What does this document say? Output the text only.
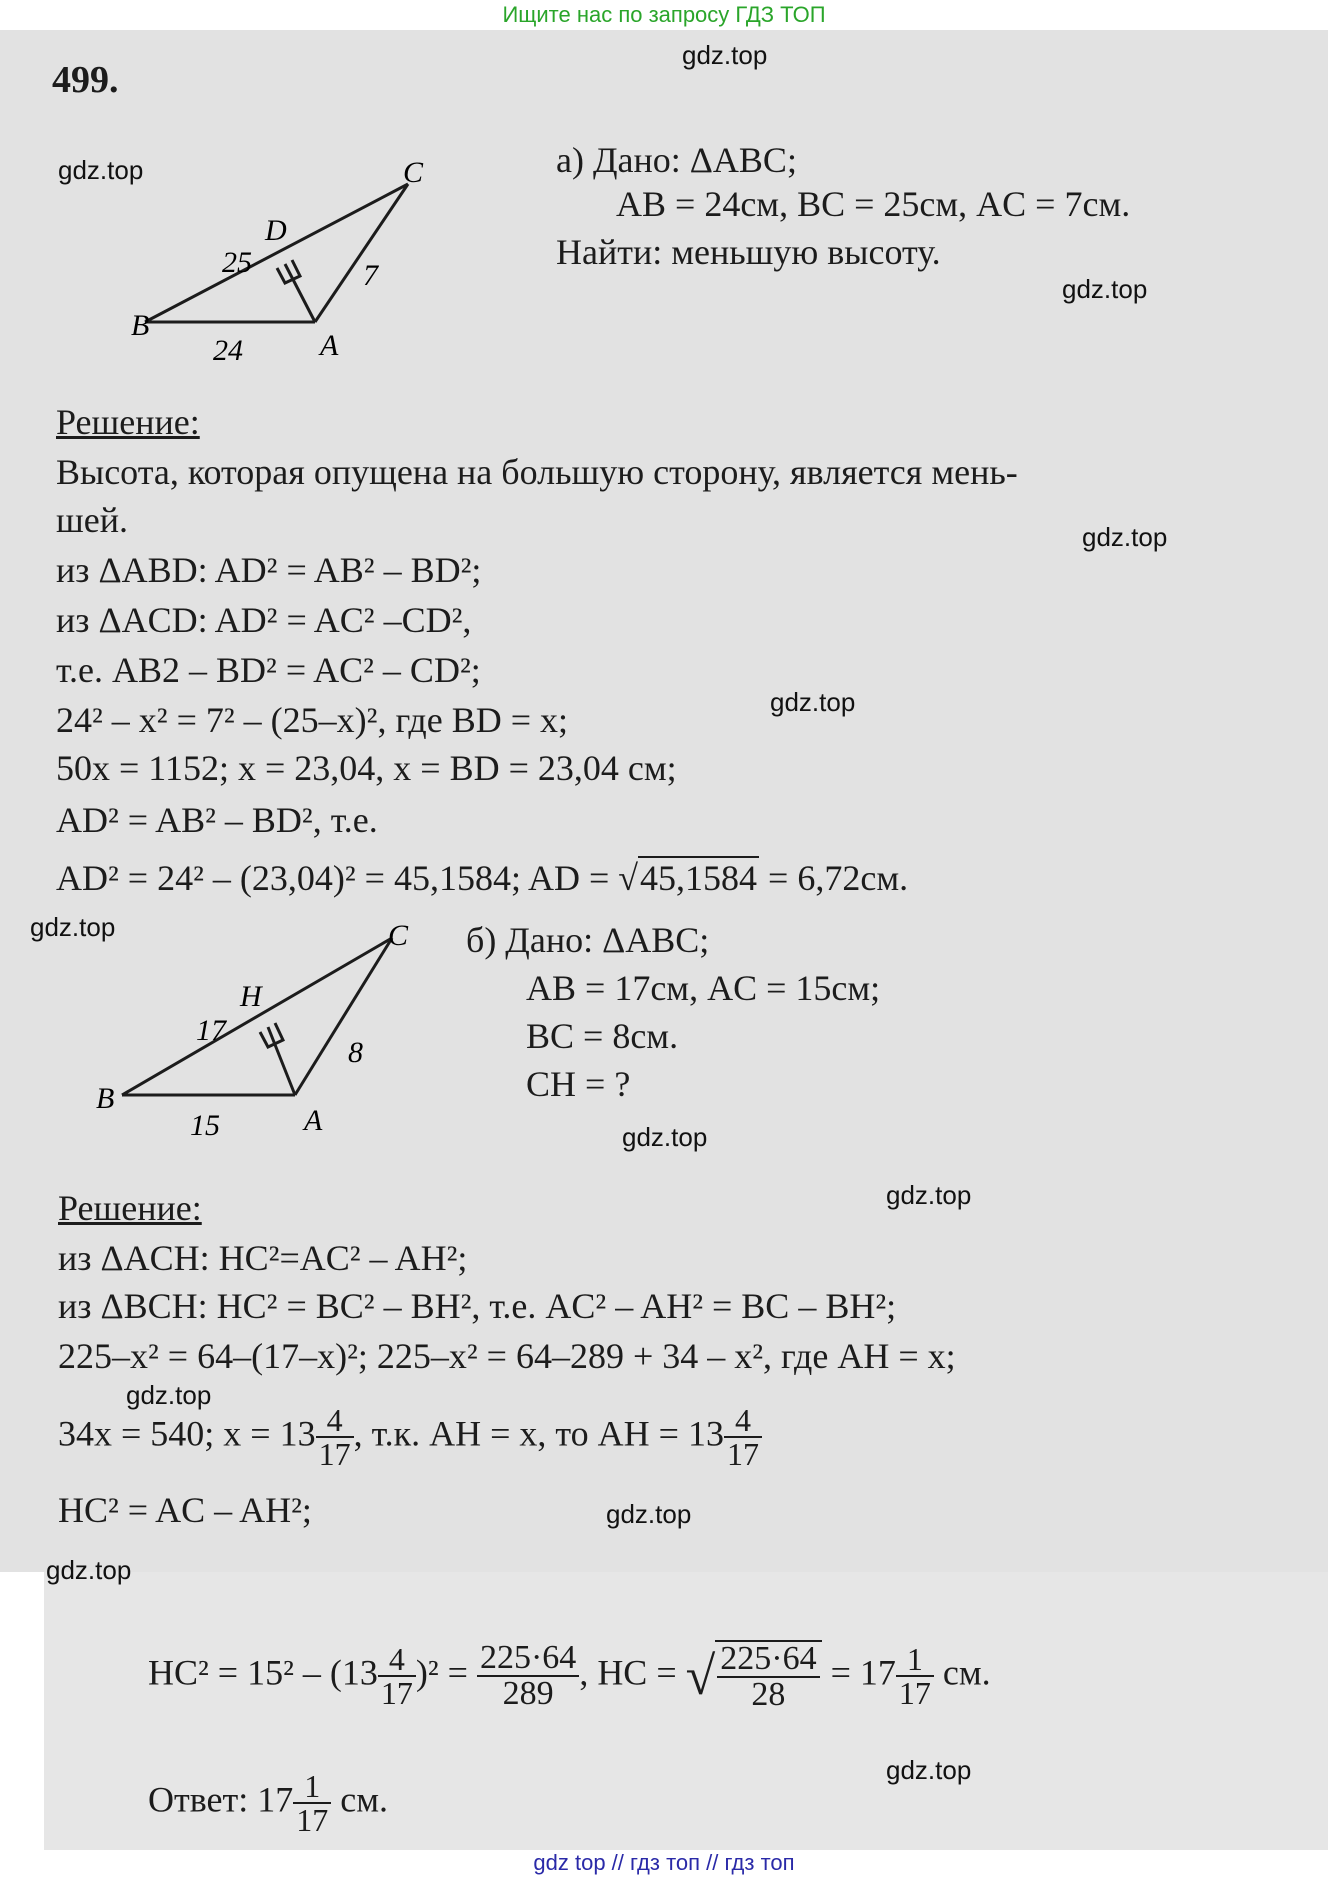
Ищите нас по запросу ГДЗ ТОП
gdz.top
gdz.top
gdz.top
gdz.top
gdz.top
gdz.top
gdz.top
gdz.top
gdz.top
gdz.top
gdz.top
gdz.top
499.
B
C
A
D
25	7
24
а) Дано: ΔABC;
AB = 24см, BC = 25см, AC = 7см.
Найти: меньшую высоту.
Решение:
Высота, которая опущена на большую сторону, является мень-
шей.
из ΔABD: AD² = AB² – BD²;
из ΔACD: AD² = AC² –CD²,
т.е. AB2 – BD² = AC² – CD²;
24² – x² = 7² – (25–x)², где BD = x;
50x = 1152; x = 23,04, x = BD = 23,04 см;
AD² = AB² – BD², т.е.
AD² = 24² – (23,04)² = 45,1584; AD = √45,1584 = 6,72см.
B
C
A
H
17
8
15
б) Дано: ΔABC;
AB = 17см, AC = 15см;
BC = 8см.
CH = ?
Решение:
из ΔACH: HC²=AC² – AH²;
из ΔBCH: HC² = BC² – BH², т.е. AC² – AH² = BC – BH²;
225–x² = 64–(17–x)²; 225–x² = 64–289 + 34 – x², где AH = x;
34x = 540; $x = 13 \frac{4}{17}$ , т.к. AH = x, то AH = $13 \frac{4}{17}$
HC² = AC – AH²;
$HC^2 = 15^2 - (13 \frac{4}{17} )^2 = \frac{225\cdot 64}{289}$ , HC = √ $\frac{225\cdot 64}{28} = 17 \frac{1}{17}$ см.
Ответ: $17 \frac{1}{17}$ см.
gdz top // гдз топ // гдз топ
